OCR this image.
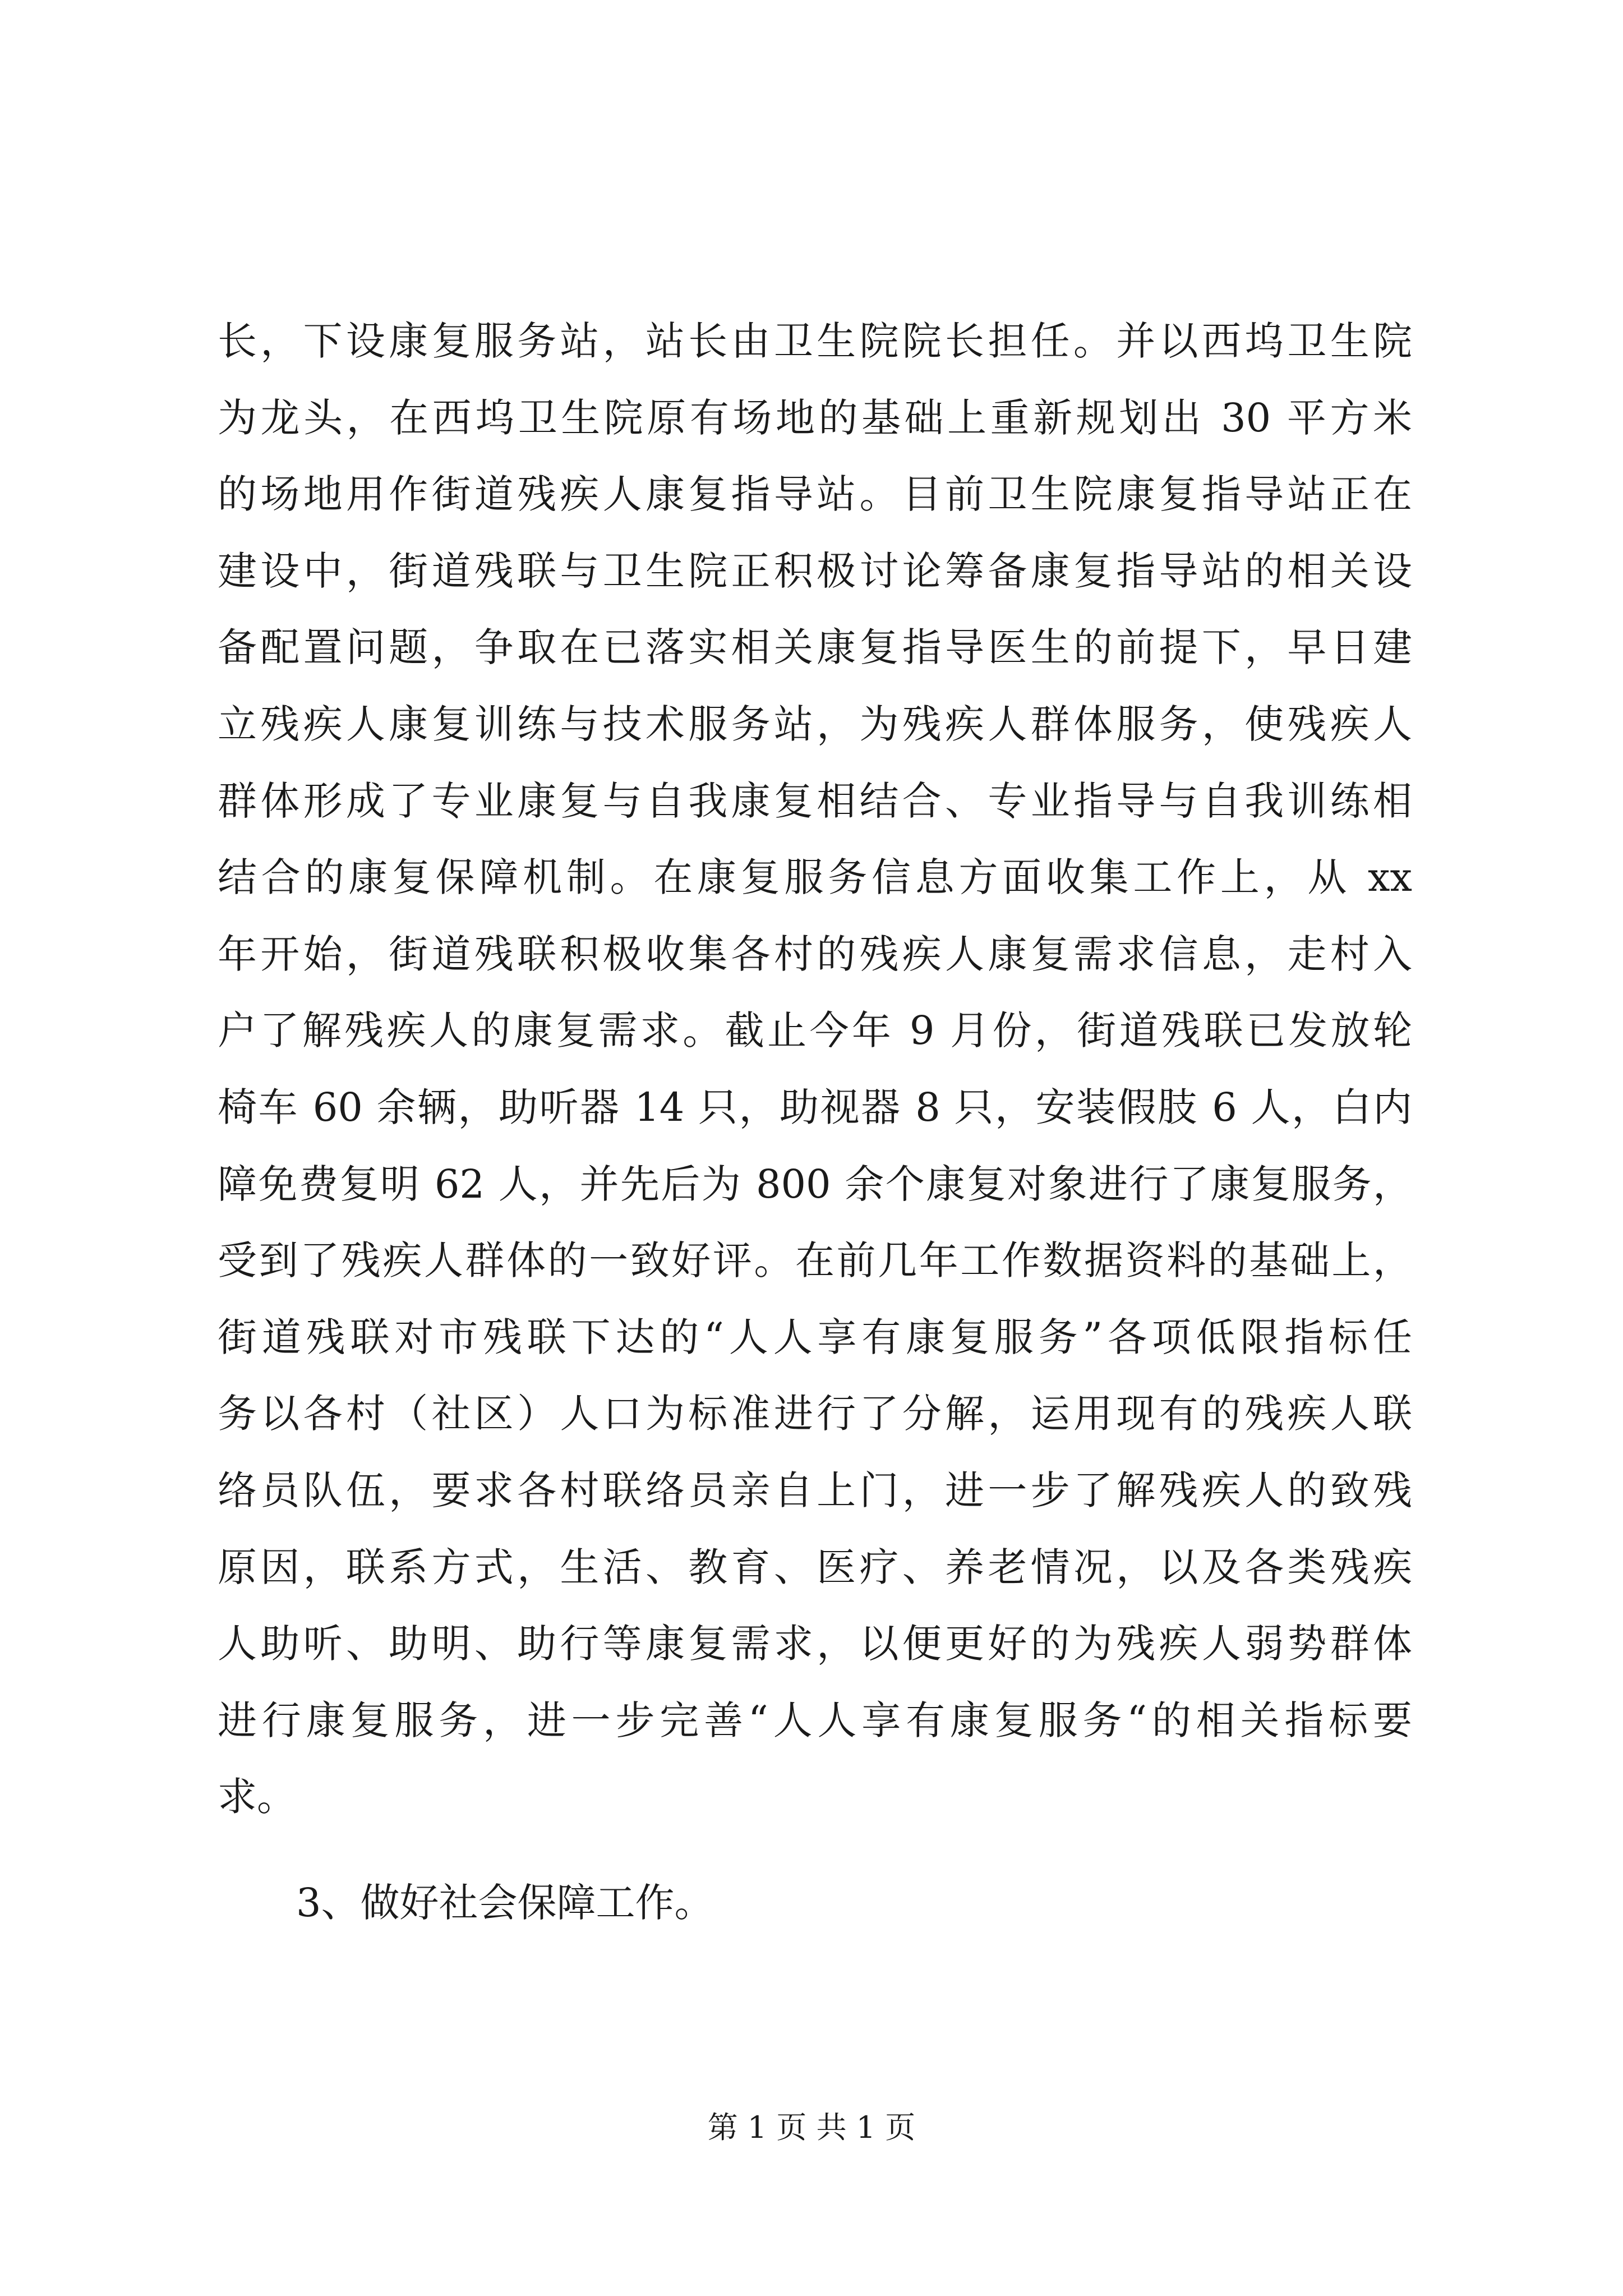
长，下设康复服务站，站长由卫生院院长担任。并以西坞卫生院
为龙头，在西坞卫生院原有场地的基础上重新规划出 30 平方米
的场地用作街道残疾人康复指导站。目前卫生院康复指导站正在
建设中，街道残联与卫生院正积极讨论筹备康复指导站的相关设
备配置问题，争取在已落实相关康复指导医生的前提下，早日建
立残疾人康复训练与技术服务站，为残疾人群体服务，使残疾人
群体形成了专业康复与自我康复相结合、专业指导与自我训练相
结合的康复保障机制。在康复服务信息方面收集工作上，从 xx
年开始，街道残联积极收集各村的残疾人康复需求信息，走村入
户了解残疾人的康复需求。截止今年 9 月份，街道残联已发放轮
椅车 60 余辆，助听器 14 只，助视器 8 只，安装假肢 6 人，白内
障免费复明 62 人，并先后为 800 余个康复对象进行了康复服务，
受到了残疾人群体的一致好评。在前几年工作数据资料的基础上，
街道残联对市残联下达的“人人享有康复服务”各项低限指标任
务以各村（社区）人口为标准进行了分解，运用现有的残疾人联
络员队伍，要求各村联络员亲自上门，进一步了解残疾人的致残
原因，联系方式，生活、教育、医疗、养老情况，以及各类残疾
人助听、助明、助行等康复需求，以便更好的为残疾人弱势群体
进行康复服务，进一步完善“人人享有康复服务“的相关指标要
求。
3、做好社会保障工作。
第 1 页 共 1 页
